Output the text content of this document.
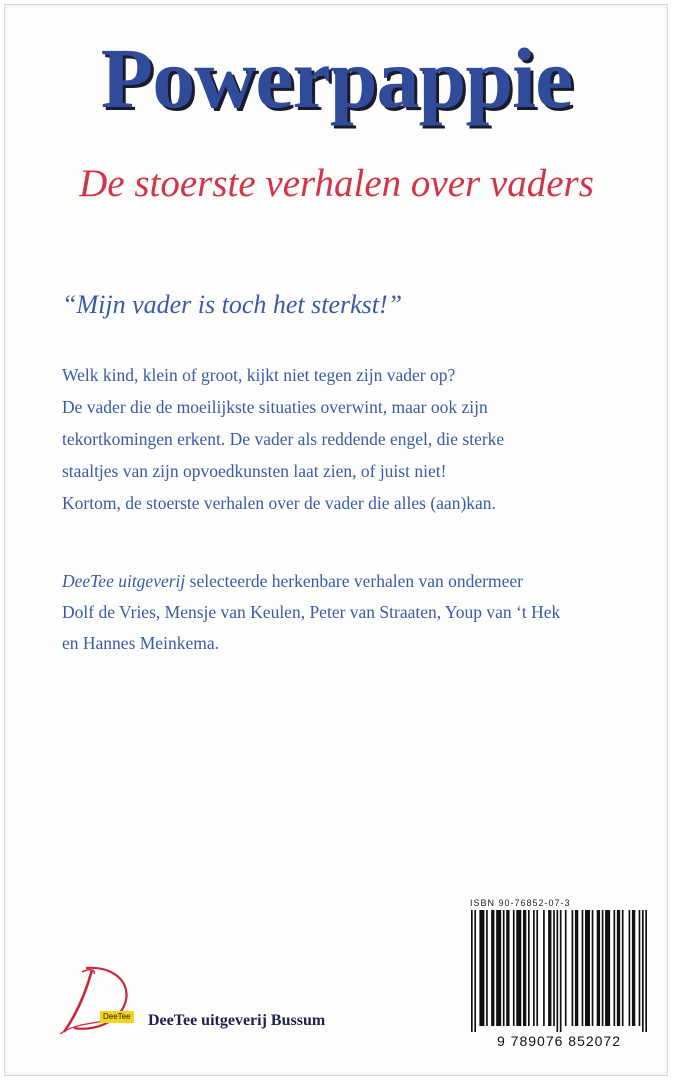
Powerpappie
De stoerste verhalen over vaders
“Mijn vader is toch het sterkst!”
Welk kind, klein of groot, kijkt niet tegen zijn vader op?
De vader die de moeilijkste situaties overwint, maar ook zijn
tekortkomingen erkent. De vader als reddende engel, die sterke
staaltjes van zijn opvoedkunsten laat zien, of juist niet!
Kortom, de stoerste verhalen over de vader die alles (aan)kan.
DeeTee uitgeverij selecteerde herkenbare verhalen van ondermeer
Dolf de Vries, Mensje van Keulen, Peter van Straaten, Youp van ‘t Hek
en Hannes Meinkema.
DeeTee DeeTee uitgeverij Bussum
ISBN 90-76852-07-3
9 789076 852072
